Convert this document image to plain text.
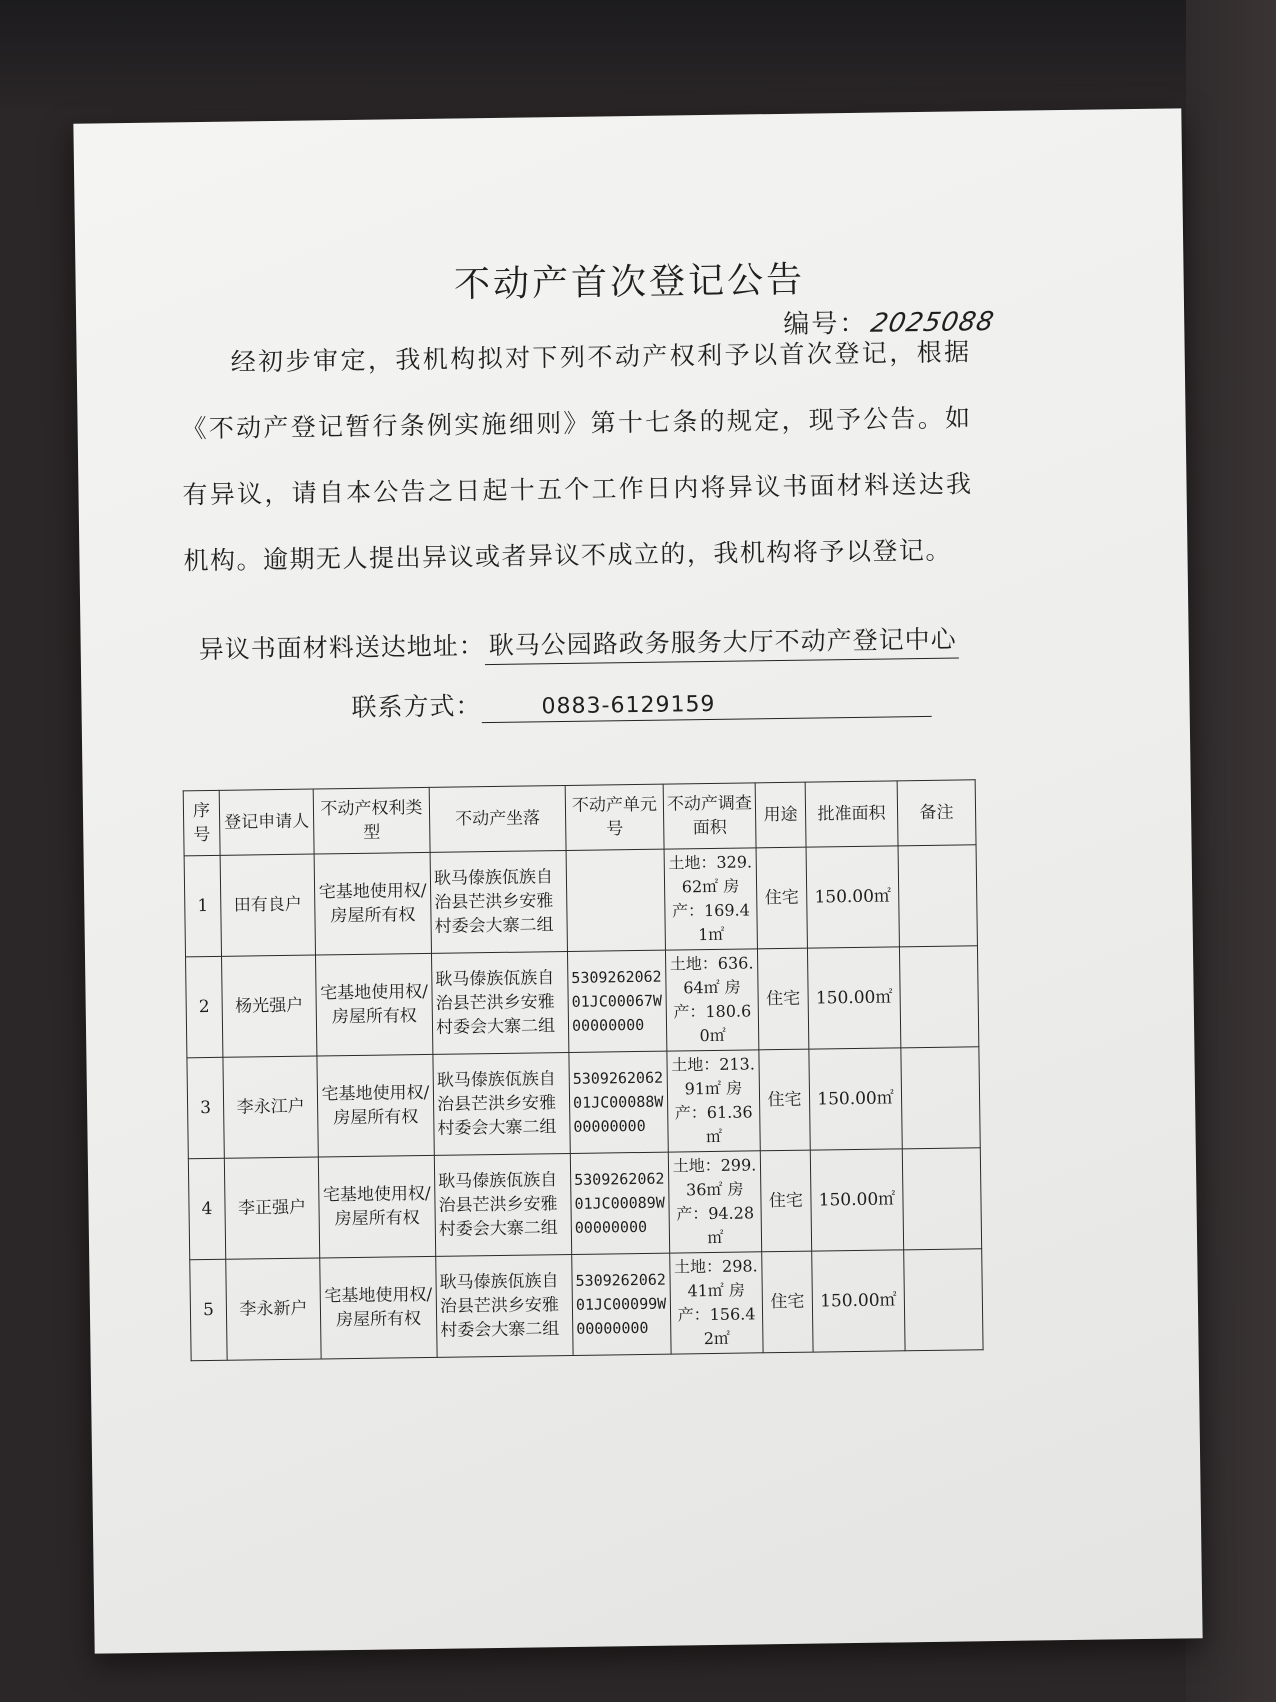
不动产首次登记公告
编号：2025088
经初步审定，我机构拟对下列不动产权利予以首次登记，根据《不动产登记暂行条例实施细则》第十七条的规定，现予公告。如有异议，请自本公告之日起十五个工作日内将异议书面材料送达我机构。逾期无人提出异议或者异议不成立的，我机构将予以登记。
异议书面材料送达地址： 耿马公园路政务服务大厅不动产登记中心
联系方式：	0883-6129159
序号	登记申请人	不动产权利类型	不动产坐落	不动产单元号	不动产调查面积	用途	批准面积	备注
1	田有良户	宅基地使用权/房屋所有权	耿马傣族佤族自治县芒洪乡安雅村委会大寨二组		土地：329.62㎡ 房产：169.41㎡	住宅	150.00㎡	
2	杨光强户	宅基地使用权/房屋所有权	耿马傣族佤族自治县芒洪乡安雅村委会大寨二组	530926206201JC00067W00000000	土地：636.64㎡ 房产：180.60㎡	住宅	150.00㎡	
3	李永江户	宅基地使用权/房屋所有权	耿马傣族佤族自治县芒洪乡安雅村委会大寨二组	530926206201JC00088W00000000	土地：213.91㎡ 房产：61.36㎡	住宅	150.00㎡	
4	李正强户	宅基地使用权/房屋所有权	耿马傣族佤族自治县芒洪乡安雅村委会大寨二组	530926206201JC00089W00000000	土地：299.36㎡ 房产：94.28㎡	住宅	150.00㎡	
5	李永新户	宅基地使用权/房屋所有权	耿马傣族佤族自治县芒洪乡安雅村委会大寨二组	530926206201JC00099W00000000	土地：298.41㎡ 房产：156.42㎡	住宅	150.00㎡	
